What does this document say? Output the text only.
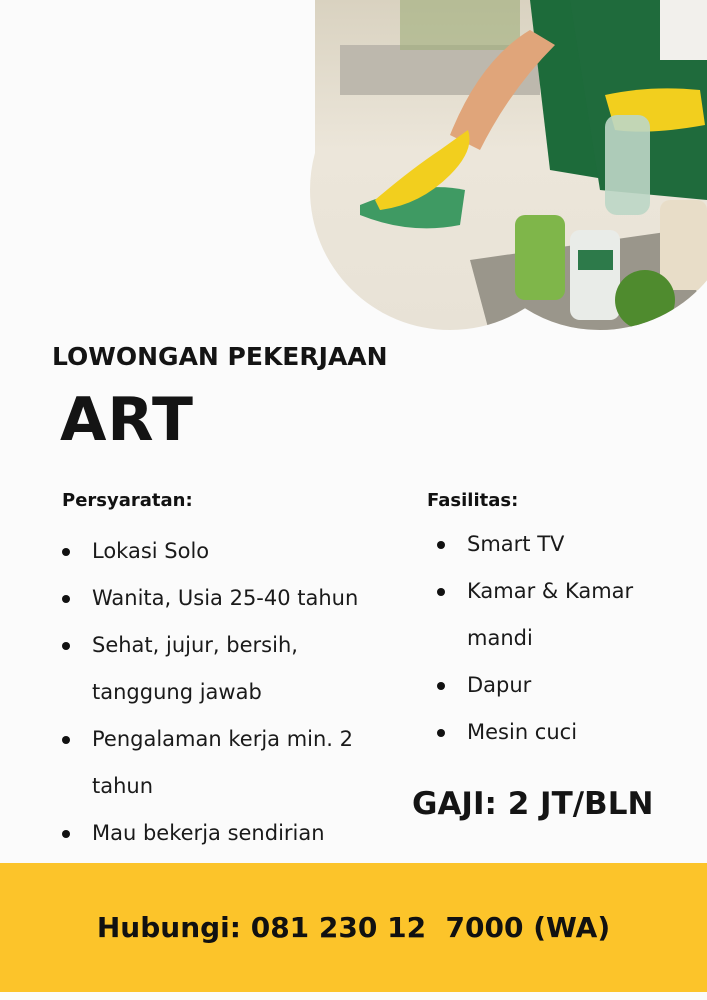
LOWONGAN PEKERJAAN
ART
Persyaratan:
Lokasi Solo
Wanita, Usia 25-40 tahun
Sehat, jujur, bersih, tanggung jawab
Pengalaman kerja min. 2 tahun
Mau bekerja sendirian
Fasilitas:
Smart TV
Kamar & Kamar mandi
Dapur
Mesin cuci
GAJI: 2 JT/BLN
Hubungi: 081 230 12  7000 (WA)
